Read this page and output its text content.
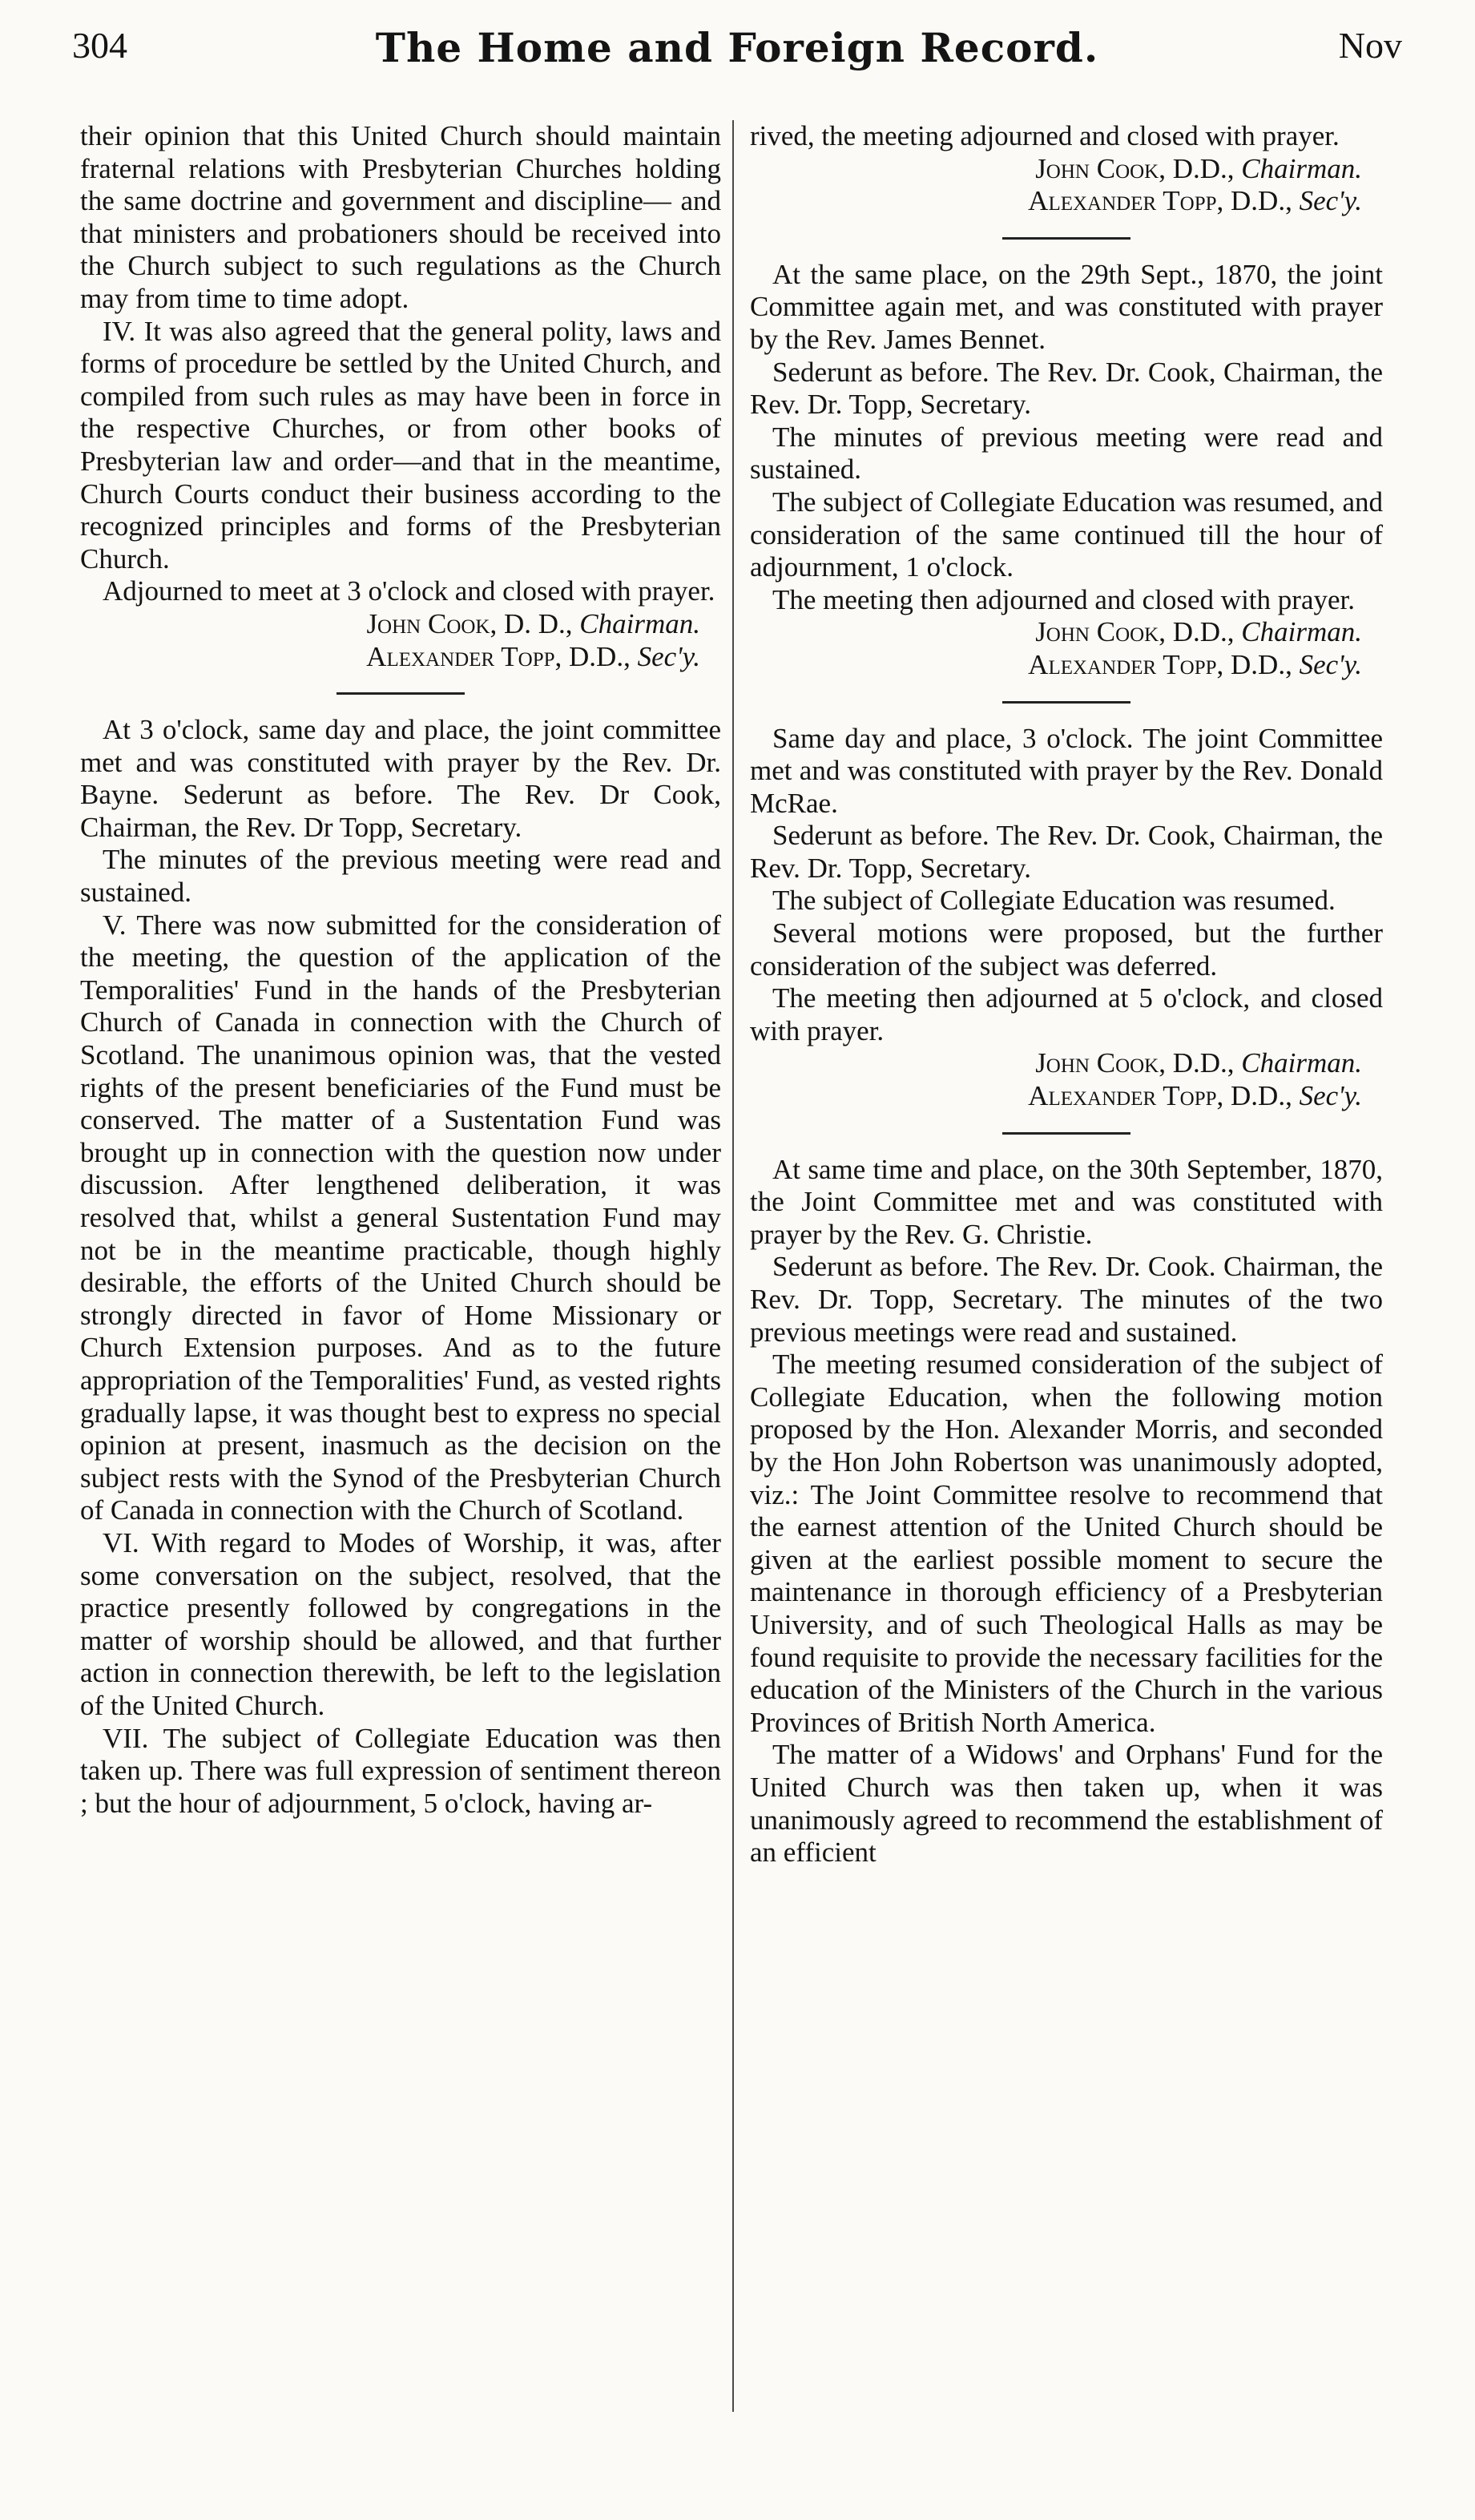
304	The Home and Foreign Record.	Nov

their opinion that this United Church should maintain fraternal relations with Presbyterian Churches holding the same doctrine and government and discipline— and that ministers and probationers should be received into the Church subject to such regulations as the Church may from time to time adopt.

IV. It was also agreed that the general polity, laws and forms of procedure be settled by the United Church, and compiled from such rules as may have been in force in the respective Churches, or from other books of Presbyterian law and order—and that in the meantime, Church Courts conduct their business according to the recognized principles and forms of the Presbyterian Church.

Adjourned to meet at 3 o'clock and closed with prayer.

John Cook, D. D., Chairman.
Alexander Topp, D.D., Sec'y.

At 3 o'clock, same day and place, the joint committee met and was constituted with prayer by the Rev. Dr. Bayne. Sederunt as before. The Rev. Dr Cook, Chairman, the Rev. Dr Topp, Secretary.

The minutes of the previous meeting were read and sustained.

V. There was now submitted for the consideration of the meeting, the question of the application of the Temporalities' Fund in the hands of the Presbyterian Church of Canada in connection with the Church of Scotland. The unanimous opinion was, that the vested rights of the present beneficiaries of the Fund must be conserved. The matter of a Sustentation Fund was brought up in connection with the question now under discussion. After lengthened deliberation, it was resolved that, whilst a general Sustentation Fund may not be in the meantime practicable, though highly desirable, the efforts of the United Church should be strongly directed in favor of Home Missionary or Church Extension purposes. And as to the future appropriation of the Temporalities' Fund, as vested rights gradually lapse, it was thought best to express no special opinion at present, inasmuch as the decision on the subject rests with the Synod of the Presbyterian Church of Canada in connection with the Church of Scotland.

VI. With regard to Modes of Worship, it was, after some conversation on the subject, resolved, that the practice presently followed by congregations in the matter of worship should be allowed, and that further action in connection therewith, be left to the legislation of the United Church.

VII. The subject of Collegiate Education was then taken up. There was full expression of sentiment thereon ; but the hour of adjournment, 5 o'clock, having ar-

rived, the meeting adjourned and closed with prayer.

John Cook, D.D., Chairman.
Alexander Topp, D.D., Sec'y.

At the same place, on the 29th Sept., 1870, the joint Committee again met, and was constituted with prayer by the Rev. James Bennet.

Sederunt as before. The Rev. Dr. Cook, Chairman, the Rev. Dr. Topp, Secretary.

The minutes of previous meeting were read and sustained.

The subject of Collegiate Education was resumed, and consideration of the same continued till the hour of adjournment, 1 o'clock.

The meeting then adjourned and closed with prayer.

John Cook, D.D., Chairman.
Alexander Topp, D.D., Sec'y.

Same day and place, 3 o'clock. The joint Committee met and was constituted with prayer by the Rev. Donald McRae.

Sederunt as before. The Rev. Dr. Cook, Chairman, the Rev. Dr. Topp, Secretary.

The subject of Collegiate Education was resumed.

Several motions were proposed, but the further consideration of the subject was deferred.

The meeting then adjourned at 5 o'clock, and closed with prayer.

John Cook, D.D., Chairman.
Alexander Topp, D.D., Sec'y.

At same time and place, on the 30th September, 1870, the Joint Committee met and was constituted with prayer by the Rev. G. Christie.

Sederunt as before. The Rev. Dr. Cook. Chairman, the Rev. Dr. Topp, Secretary. The minutes of the two previous meetings were read and sustained.

The meeting resumed consideration of the subject of Collegiate Education, when the following motion proposed by the Hon. Alexander Morris, and seconded by the Hon John Robertson was unanimously adopted, viz.: The Joint Committee resolve to recommend that the earnest attention of the United Church should be given at the earliest possible moment to secure the maintenance in thorough efficiency of a Presbyterian University, and of such Theological Halls as may be found requisite to provide the necessary facilities for the education of the Ministers of the Church in the various Provinces of British North America.

The matter of a Widows' and Orphans' Fund for the United Church was then taken up, when it was unanimously agreed to recommend the establishment of an efficient
